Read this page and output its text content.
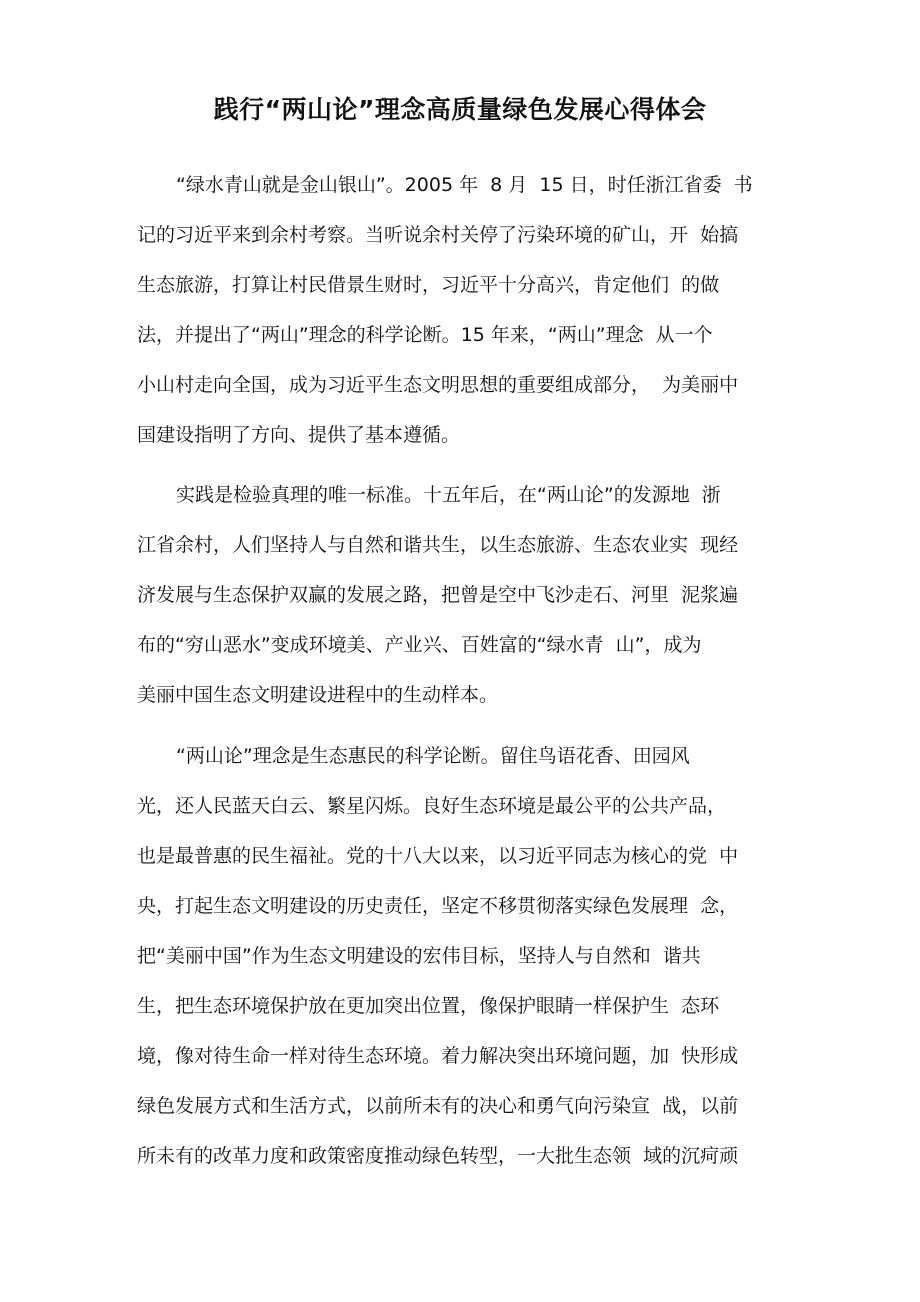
践行“两山论”理念高质量绿色发展心得体会
“绿水青山就是金山银山”。2005 年  8 月  15 日，时任浙江省委  书
记的习近平来到余村考察。当听说余村关停了污染环境的矿山，开  始搞
生态旅游，打算让村民借景生财时，习近平十分高兴，肯定他们  的做
法，并提出了“两山”理念的科学论断。15 年来，“两山”理念  从一个
小山村走向全国，成为习近平生态文明思想的重要组成部分，  为美丽中
国建设指明了方向、提供了基本遵循。
实践是检验真理的唯一标准。十五年后，在“两山论”的发源地  浙
江省余村，人们坚持人与自然和谐共生，以生态旅游、生态农业实  现经
济发展与生态保护双赢的发展之路，把曾是空中飞沙走石、河里  泥浆遍
布的“穷山恶水”变成环境美、产业兴、百姓富的“绿水青  山”，成为
美丽中国生态文明建设进程中的生动样本。
“两山论”理念是生态惠民的科学论断。留住鸟语花香、田园风
光，还人民蓝天白云、繁星闪烁。良好生态环境是最公平的公共产品，
也是最普惠的民生福祉。党的十八大以来，以习近平同志为核心的党  中
央，打起生态文明建设的历史责任，坚定不移贯彻落实绿色发展理  念，
把“美丽中国”作为生态文明建设的宏伟目标，坚持人与自然和  谐共
生，把生态环境保护放在更加突出位置，像保护眼睛一样保护生  态环
境，像对待生命一样对待生态环境。着力解决突出环境问题，加  快形成
绿色发展方式和生活方式，以前所未有的决心和勇气向污染宣  战，以前
所未有的改革力度和政策密度推动绿色转型，一大批生态领  域的沉疴顽
